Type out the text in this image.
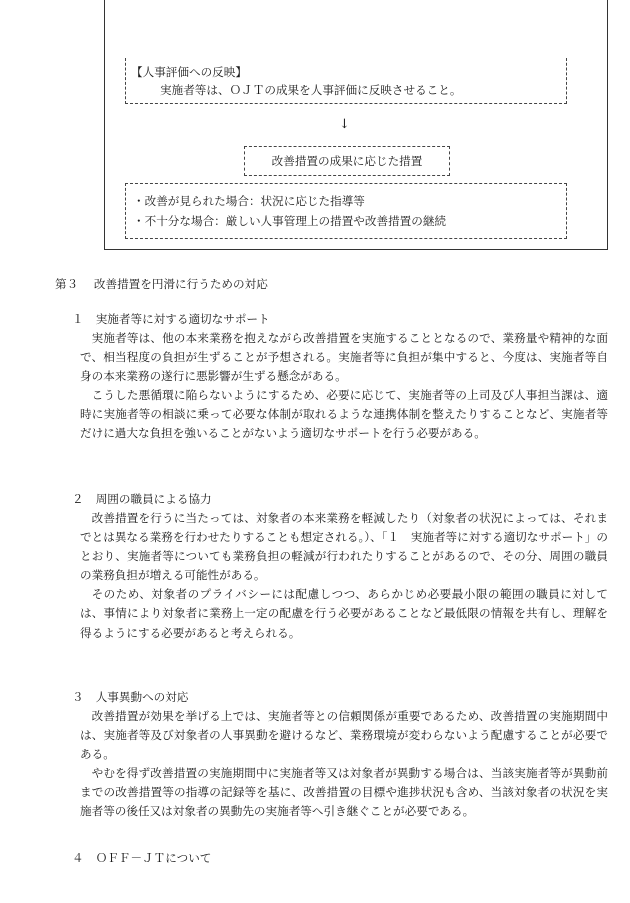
【人事評価への反映】
実施者等は、ＯＪＴの成果を人事評価に反映させること。
↓
改善措置の成果に応じた措置
・改善が見られた場合：状況に応じた指導等
・不十分な場合：厳しい人事管理上の措置や改善措置の継続
第３ 改善措置を円滑に行うための対応
１ 実施者等に対する適切なサポート

実施者等は、他の本来業務を抱えながら改善措置を実施することとなるので、業務量や精神的な面で、相当程度の負担が生ずることが予想される。実施者等に負担が集中すると、今度は、実施者等自身の本来業務の遂行に悪影響が生ずる懸念がある。

こうした悪循環に陥らないようにするため、必要に応じて、実施者等の上司及び人事担当課は、適時に実施者等の相談に乗って必要な体制が取れるような連携体制を整えたりすることなど、実施者等だけに過大な負担を強いることがないよう適切なサポートを行う必要がある。

２ 周囲の職員による協力

改善措置を行うに当たっては、対象者の本来業務を軽減したり（対象者の状況によっては、それまでとは異なる業務を行わせたりすることも想定される。）、「１　実施者等に対する適切なサポート」のとおり、実施者等についても業務負担の軽減が行われたりすることがあるので、その分、周囲の職員の業務負担が増える可能性がある。

そのため、対象者のプライバシーには配慮しつつ、あらかじめ必要最小限の範囲の職員に対しては、事情により対象者に業務上一定の配慮を行う必要があることなど最低限の情報を共有し、理解を得るようにする必要があると考えられる。

３ 人事異動への対応

改善措置が効果を挙げる上では、実施者等との信頼関係が重要であるため、改善措置の実施期間中は、実施者等及び対象者の人事異動を避けるなど、業務環境が変わらないよう配慮することが必要である。

やむを得ず改善措置の実施期間中に実施者等又は対象者が異動する場合は、当該実施者等が異動前までの改善措置等の指導の記録等を基に、改善措置の目標や進捗状況も含め、当該対象者の状況を実施者等の後任又は対象者の異動先の実施者等へ引き継ぐことが必要である。

４ ＯＦＦ－ＪＴについて
